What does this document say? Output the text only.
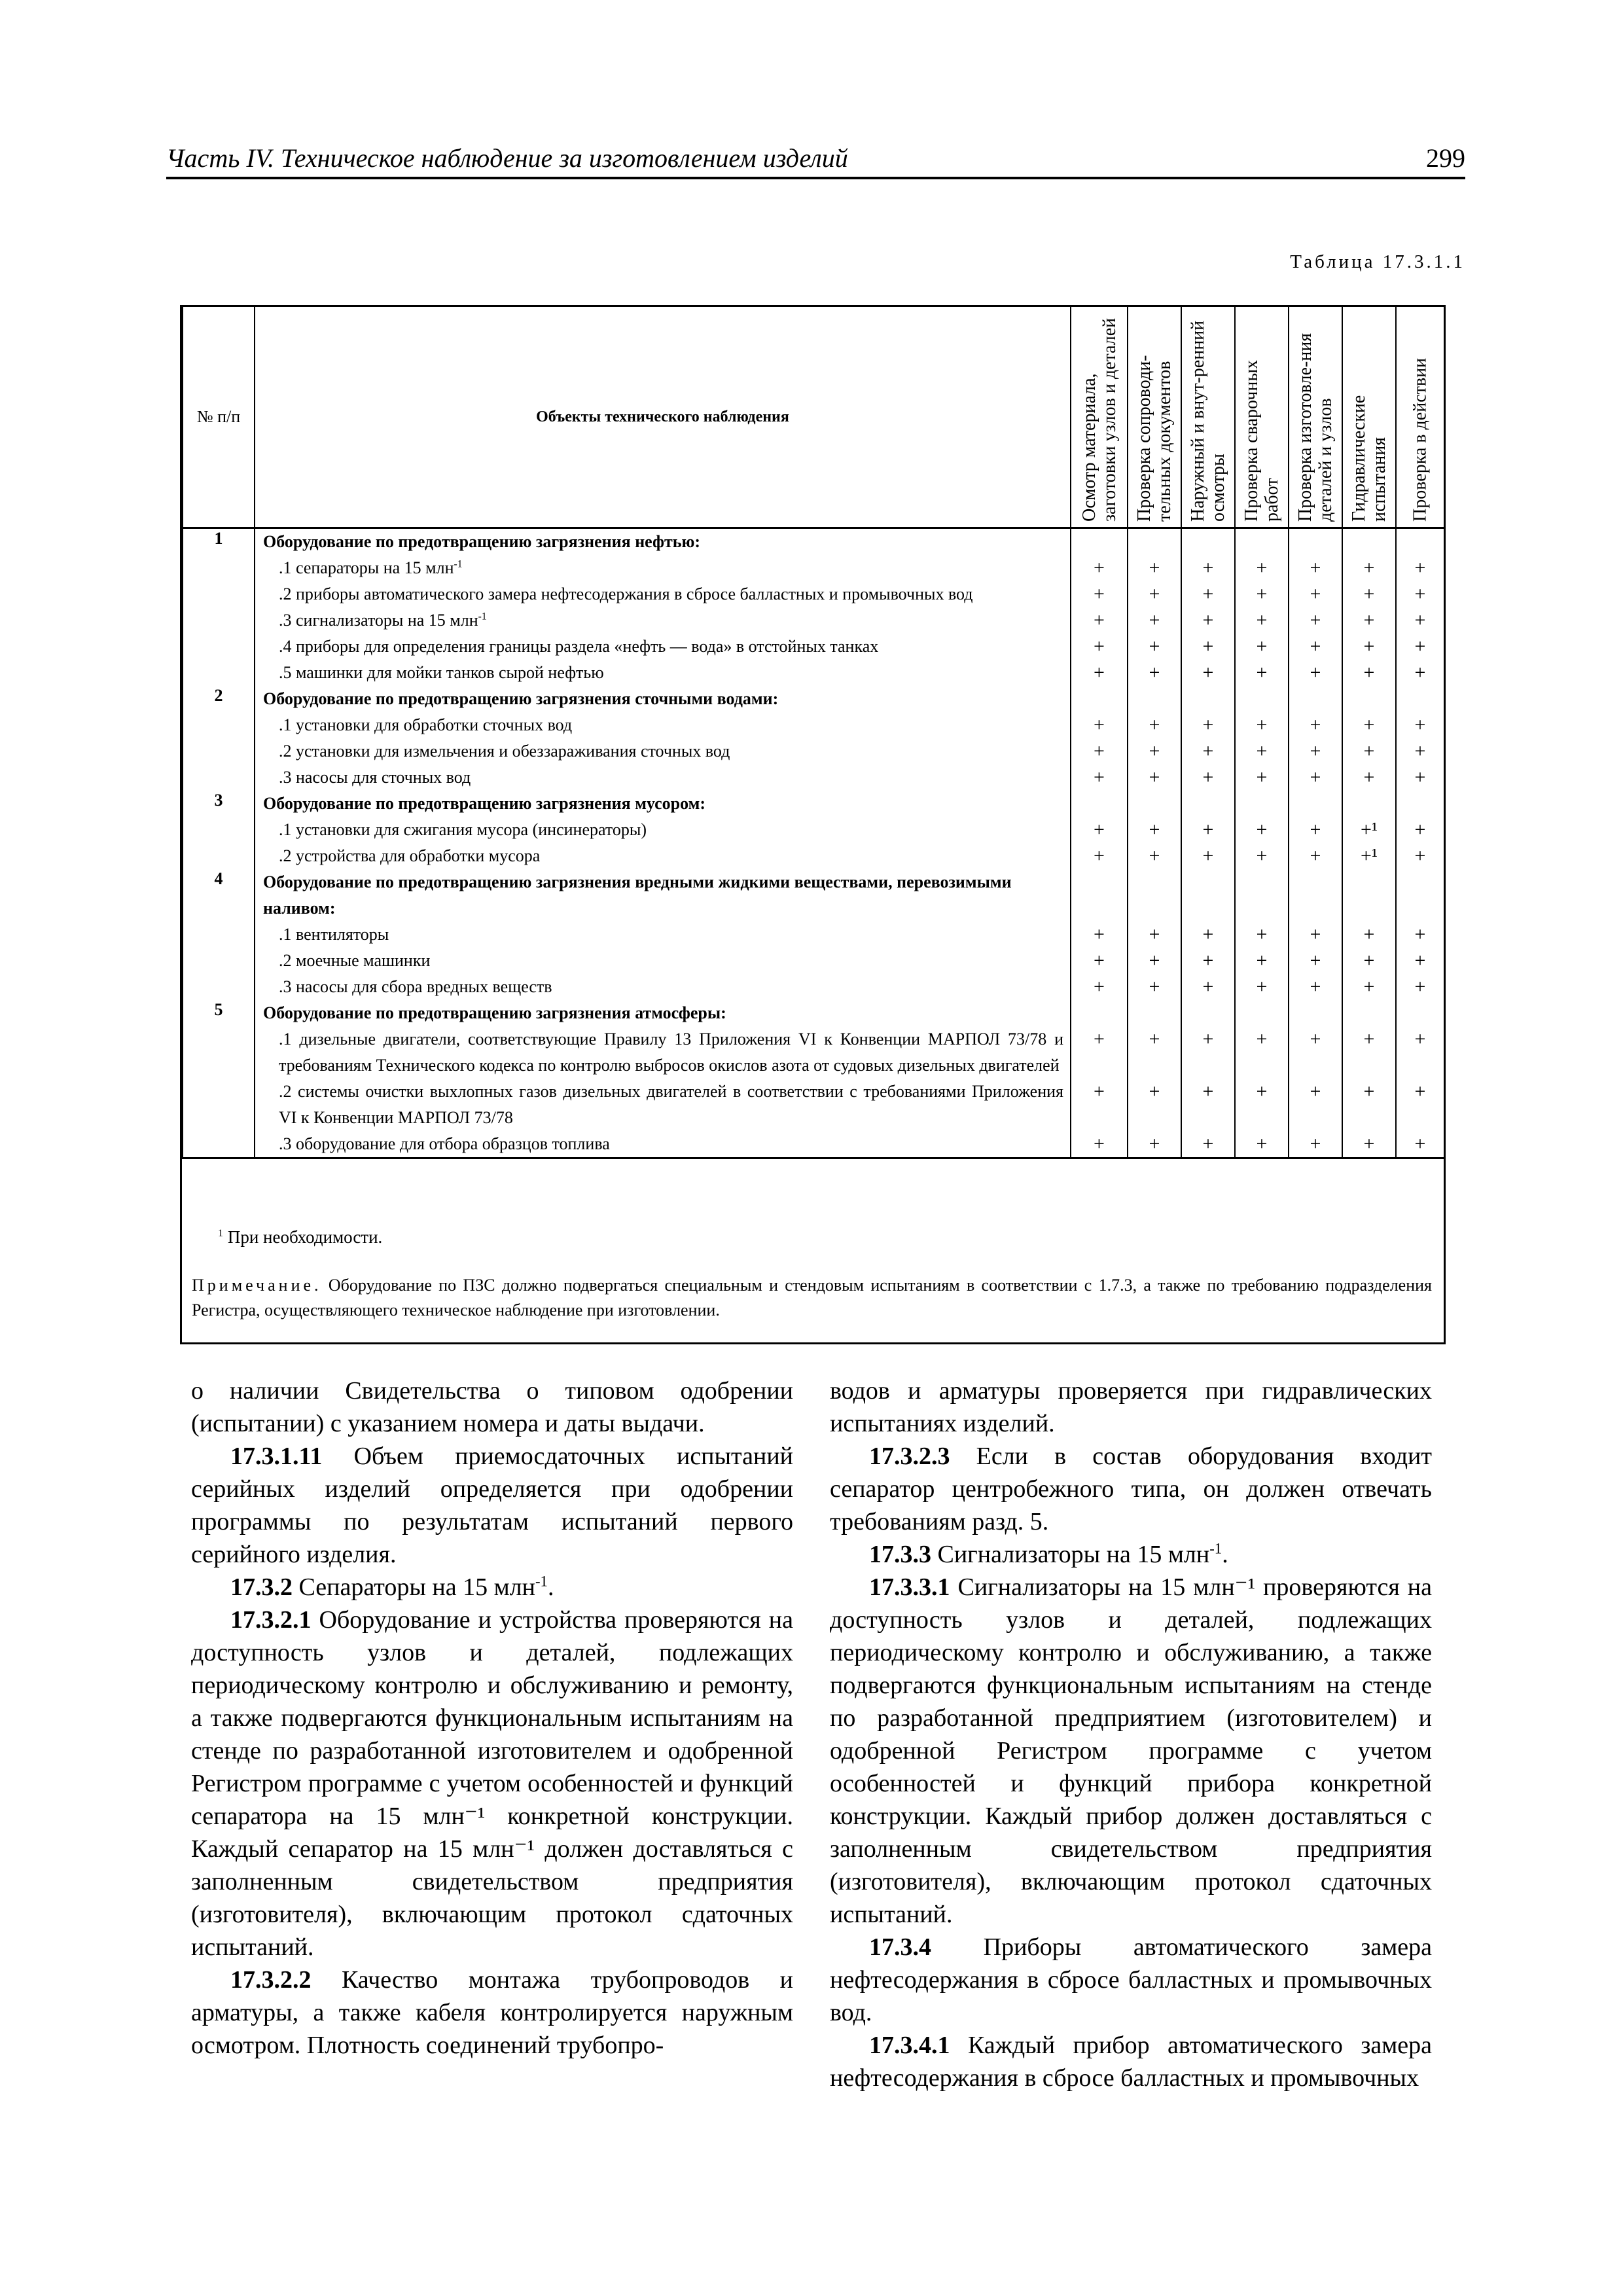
Часть IV. Техническое наблюдение за изготовлением изделий	299
Таблица 17.3.1.1
№ п/п	Объекты технического наблюдения	Осмотр материала, заготовки узлов и деталей	Проверка сопроводи-тельных документов	Наружный и внут-ренний осмотры	Проверка сварочных работ	Проверка изготовле-ния деталей и узлов	Гидравлические испытания	Проверка в действии

1	Оборудование по предотвращению загрязнения нефтью:							
	.1 сепараторы на 15 млн$^{-1}$	+	+	+	+	+	+	+
	.2 приборы автоматического замера нефтесодержания в сбросе балластных и промывочных вод	+	+	+	+	+	+	+
	.3 сигнализаторы на 15 млн$^{-1}$	+	+	+	+	+	+	+
	.4 приборы для определения границы раздела «нефть — вода» в отстойных танках	+	+	+	+	+	+	+
	.5 машинки для мойки танков сырой нефтью	+	+	+	+	+	+	+
2	Оборудование по предотвращению загрязнения сточными водами:							
	.1 установки для обработки сточных вод	+	+	+	+	+	+	+
	.2 установки для измельчения и обеззараживания сточных вод	+	+	+	+	+	+	+
	.3 насосы для сточных вод	+	+	+	+	+	+	+
3	Оборудование по предотвращению загрязнения мусором:							
	.1 установки для сжигания мусора (инсинераторы)	+	+	+	+	+	+¹	+
	.2 устройства для обработки мусора	+	+	+	+	+	+¹	+
4	Оборудование по предотвращению загрязнения вредными жидкими веществами, перевозимыми наливом:							
	.1 вентиляторы	+	+	+	+	+	+	+
	.2 моечные машинки	+	+	+	+	+	+	+
	.3 насосы для сбора вредных веществ	+	+	+	+	+	+	+
5	Оборудование по предотвращению загрязнения атмосферы:							
	.1 дизельные двигатели, соответствующие Правилу 13 Приложения VI к Конвенции МАРПОЛ 73/78 и требованиям Технического кодекса по контролю выбросов окислов азота от судовых дизельных двигателей	+	+	+	+	+	+	+
	.2 системы очистки выхлопных газов дизельных двигателей в соответствии с требованиями Приложения VI к Конвенции МАРПОЛ 73/78	+	+	+	+	+	+	+
	.3 оборудование для отбора образцов топлива	+	+	+	+	+	+	+
$^1$ При необходимости.
Примечание. Оборудование по ПЗС должно подвергаться специальным и стендовым испытаниям в соответствии с 1.7.3, а также по требованию подразделения Регистра, осуществляющего техническое наблюдение при изготовлении.

о наличии Свидетельства о типовом одобрении (испытании) с указанием номера и даты выдачи.

17.3.1.11 Объем приемосдаточных испытаний серийных изделий определяется при одобрении программы по результатам испытаний первого серийного изделия.

17.3.2 Сепараторы на 15 млн$^{-1}$.

17.3.2.1 Оборудование и устройства проверяются на доступность узлов и деталей, подлежащих периодическому контролю и обслуживанию и ремонту, а также подвергаются функциональным испытаниям на стенде по разработанной изготовителем и одобренной Регистром программе с учетом особенностей и функций сепаратора на 15 млн⁻¹ конкретной конструкции. Каждый сепаратор на 15 млн⁻¹ должен доставляться с заполненным свидетельством предприятия (изготовителя), включающим протокол сдаточных испытаний.

17.3.2.2 Качество монтажа трубопроводов и арматуры, а также кабеля контролируется наружным осмотром. Плотность соединений трубопро-

водов и арматуры проверяется при гидравлических испытаниях изделий.

17.3.2.3 Если в состав оборудования входит сепаратор центробежного типа, он должен отвечать требованиям разд. 5.

17.3.3 Сигнализаторы на 15 млн$^{-1}$.

17.3.3.1 Сигнализаторы на 15 млн⁻¹ проверяются на доступность узлов и деталей, подлежащих периодическому контролю и обслуживанию, а также подвергаются функциональным испытаниям на стенде по разработанной предприятием (изготовителем) и одобренной Регистром программе с учетом особенностей и функций прибора конкретной конструкции. Каждый прибор должен доставляться с заполненным свидетельством предприятия (изготовителя), включающим протокол сдаточных испытаний.

17.3.4 Приборы автоматического замера нефтесодержания в сбросе балластных и промывочных вод.

17.3.4.1 Каждый прибор автоматического замера нефтесодержания в сбросе балластных и промывочных
